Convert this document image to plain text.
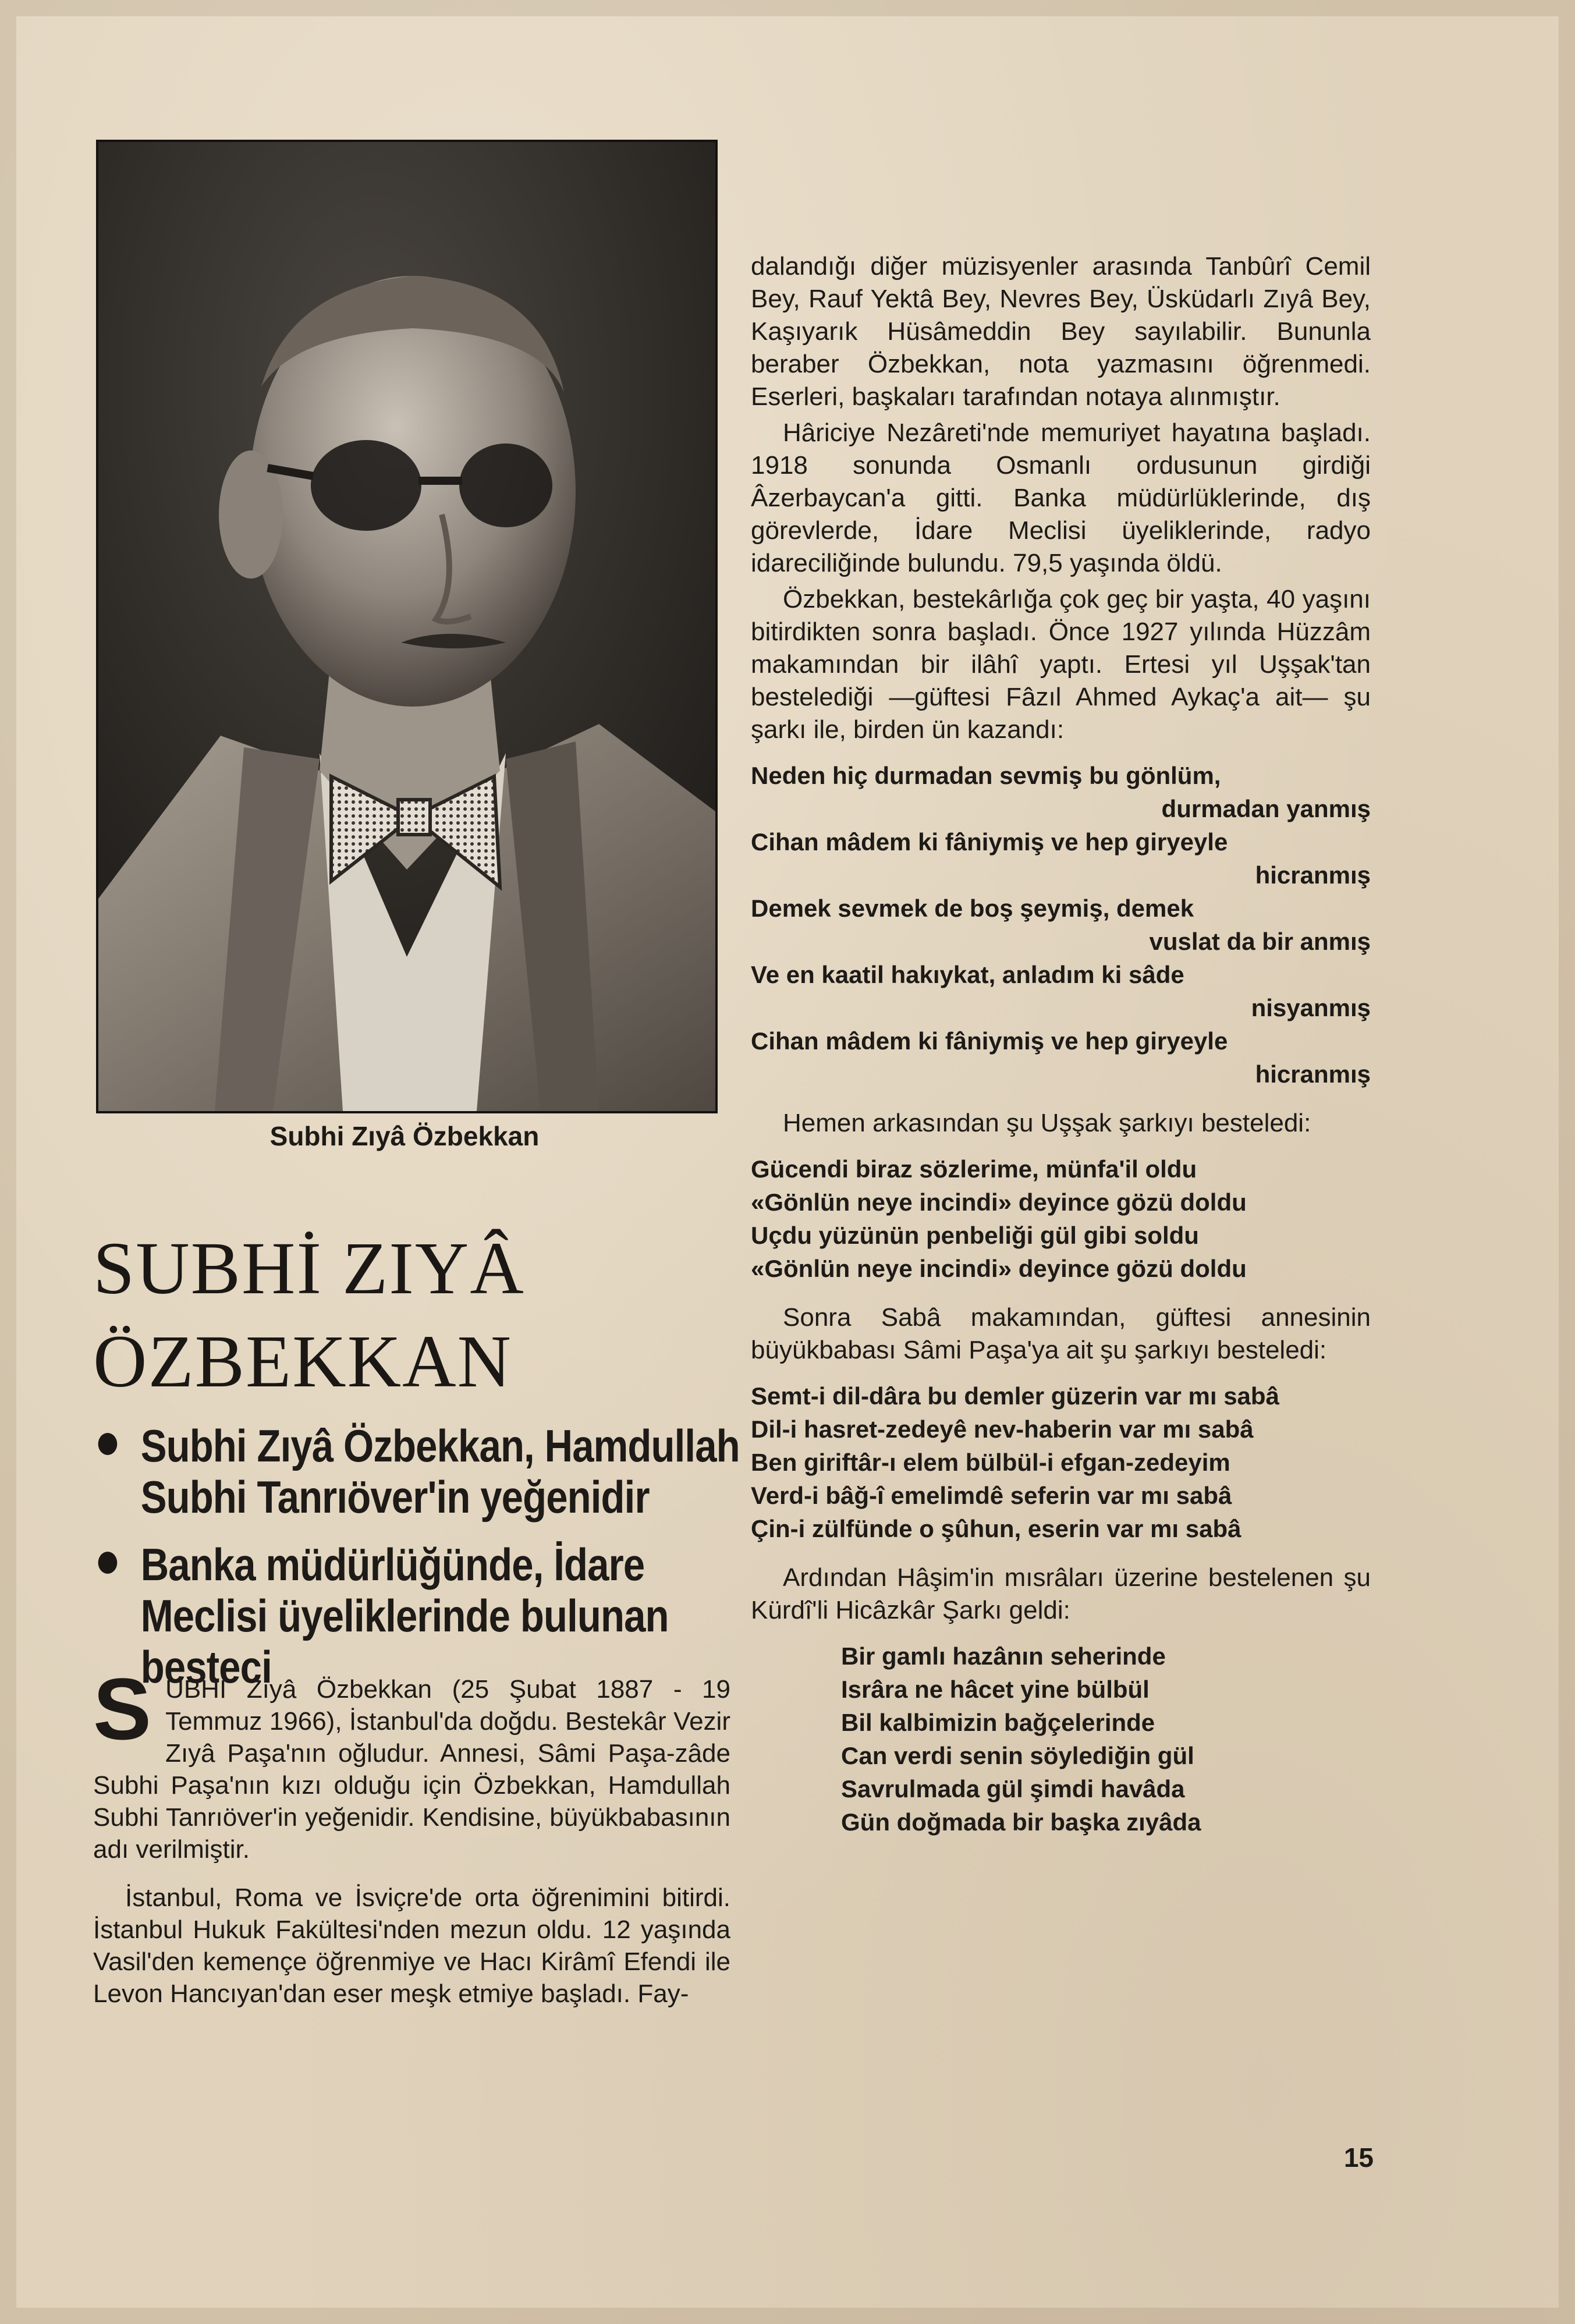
Subhi Zıyâ Özbekkan
SUBHİ ZIYÂ
ÖZBEKKAN
Subhi Zıyâ Özbekkan, Hamdullah Subhi Tanrıöver'in yeğenidir
Banka müdürlüğünde, İdare Meclisi üyeliklerinde bulunan besteci

S UBHİ Zıyâ Özbekkan (25 Şubat 1887 - 19 Temmuz 1966), İstanbul'da doğdu. Bestekâr Vezir Zıyâ Paşa'nın oğludur. Annesi, Sâmi Paşa-zâde Subhi Paşa'nın kızı olduğu için Özbekkan, Hamdullah Subhi Tanrıöver'in yeğenidir. Kendisine, büyükbabasının adı verilmiştir.

İstanbul, Roma ve İsviçre'de orta öğrenimini bitirdi. İstanbul Hukuk Fakültesi'nden mezun oldu. 12 yaşında Vasil'den kemençe öğrenmiye ve Hacı Kirâmî Efendi ile Levon Hancıyan'dan eser meşk etmiye başladı. Fay-

dalandığı diğer müzisyenler arasında Tanbûrî Cemil Bey, Rauf Yektâ Bey, Nevres Bey, Üsküdarlı Zıyâ Bey, Kaşıyarık Hüsâmeddin Bey sayılabilir. Bununla beraber Özbekkan, nota yazmasını öğrenmedi. Eserleri, başkaları tarafından notaya alınmıştır.

Hâriciye Nezâreti'nde memuriyet hayatına başladı. 1918 sonunda Osmanlı ordusunun girdiği Âzerbaycan'a gitti. Banka müdürlüklerinde, dış görevlerde, İdare Meclisi üyeliklerinde, radyo idareciliğinde bulundu. 79,5 yaşında öldü.

Özbekkan, bestekârlığa çok geç bir yaşta, 40 yaşını bitirdikten sonra başladı. Önce 1927 yılında Hüzzâm makamından bir ilâhî yaptı. Ertesi yıl Uşşak'tan bestelediği —güftesi Fâzıl Ahmed Aykaç'a ait— şu şarkı ile, birden ün kazandı:

Neden hiç durmadan sevmiş bu gönlüm,
durmadan yanmış
Cihan mâdem ki fâniymiş ve hep giryeyle
hicranmış
Demek sevmek de boş şeymiş, demek
vuslat da bir anmış
Ve en kaatil hakıykat, anladım ki sâde
nisyanmış
Cihan mâdem ki fâniymiş ve hep giryeyle
hicranmış

Hemen arkasından şu Uşşak şarkıyı besteledi:

Gücendi biraz sözlerime, münfa'il oldu
«Gönlün neye incindi» deyince gözü doldu
Uçdu yüzünün penbeliği gül gibi soldu
«Gönlün neye incindi» deyince gözü doldu

Sonra Sabâ makamından, güftesi annesinin büyükbabası Sâmi Paşa'ya ait şu şarkıyı besteledi:

Semt-i dil-dâra bu demler güzerin var mı sabâ
Dil-i hasret-zedeyê nev-haberin var mı sabâ
Ben giriftâr-ı elem bülbül-i efgan-zedeyim
Verd-i bâğ-î emelimdê seferin var mı sabâ
Çin-i zülfünde o şûhun, eserin var mı sabâ

Ardından Hâşim'in mısrâları üzerine bestelenen şu Kürdî'li Hicâzkâr Şarkı geldi:

Bir gamlı hazânın seherinde
Isrâra ne hâcet yine bülbül
Bil kalbimizin bağçelerinde
Can verdi senin söylediğin gül
Savrulmada gül şimdi havâda
Gün doğmada bir başka zıyâda
15
